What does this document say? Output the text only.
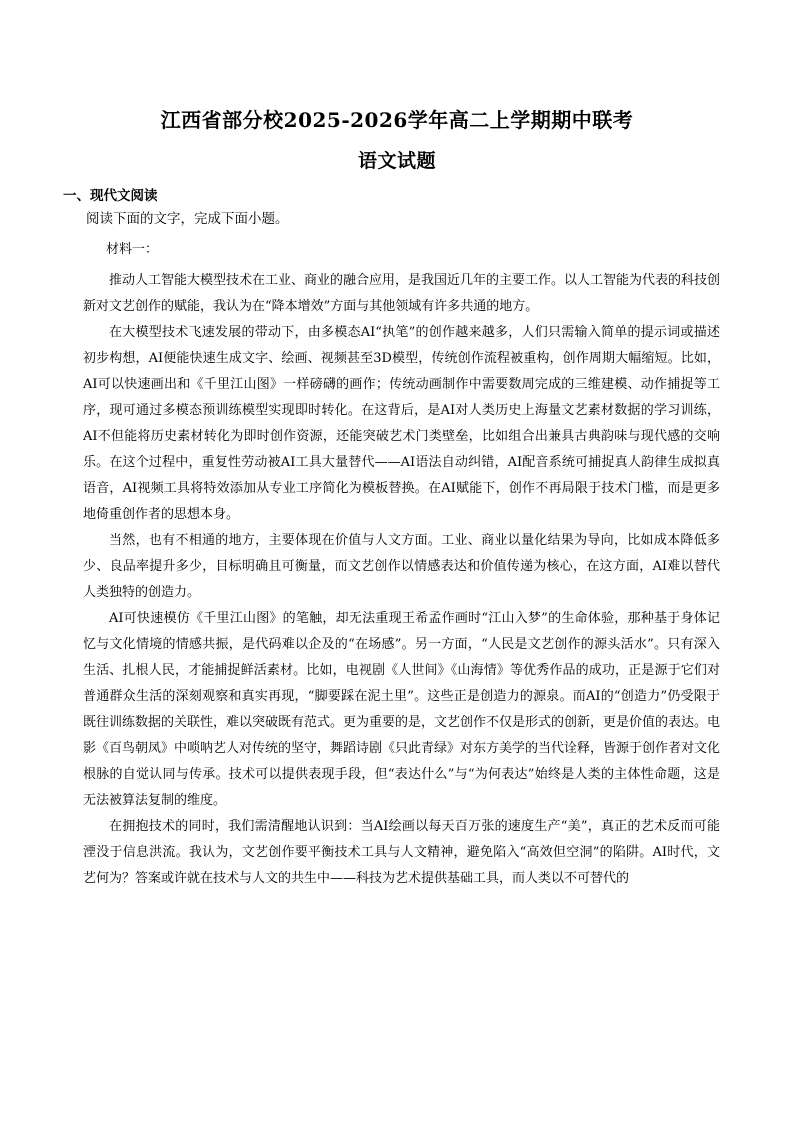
江西省部分校2025-2026学年高二上学期期中联考
语文试题
一、现代文阅读
阅读下面的文字，完成下面小题。
材料一：

推动人工智能大模型技术在工业、商业的融合应用，是我国近几年的主要工作。以人工智能为代表的科技创新对文艺创作的赋能，我认为在“降本增效”方面与其他领域有许多共通的地方。

在大模型技术飞速发展的带动下，由多模态AI“执笔”的创作越来越多，人们只需输入简单的提示词或描述初步构想，AI便能快速生成文字、绘画、视频甚至3D模型，传统创作流程被重构，创作周期大幅缩短。比如，AI可以快速画出和《千里江山图》一样磅礴的画作；传统动画制作中需要数周完成的三维建模、动作捕捉等工序，现可通过多模态预训练模型实现即时转化。在这背后，是AI对人类历史上海量文艺素材数据的学习训练，AI不但能将历史素材转化为即时创作资源，还能突破艺术门类壁垒，比如组合出兼具古典韵味与现代感的交响乐。在这个过程中，重复性劳动被AI工具大量替代——AI语法自动纠错，AI配音系统可捕捉真人韵律生成拟真语音，AI视频工具将特效添加从专业工序简化为模板替换。在AI赋能下，创作不再局限于技术门槛，而是更多地倚重创作者的思想本身。

当然，也有不相通的地方，主要体现在价值与人文方面。工业、商业以量化结果为导向，比如成本降低多少、良品率提升多少，目标明确且可衡量，而文艺创作以情感表达和价值传递为核心，在这方面，AI难以替代人类独特的创造力。

AI可快速模仿《千里江山图》的笔触，却无法重现王希孟作画时“江山入梦”的生命体验，那种基于身体记忆与文化情境的情感共振，是代码难以企及的“在场感”。另一方面，“人民是文艺创作的源头活水”。只有深入生活、扎根人民，才能捕捉鲜活素材。比如，电视剧《人世间》《山海情》等优秀作品的成功，正是源于它们对普通群众生活的深刻观察和真实再现，“脚要踩在泥土里”。这些正是创造力的源泉。而AI的“创造力”仍受限于既往训练数据的关联性，难以突破既有范式。更为重要的是，文艺创作不仅是形式的创新，更是价值的表达。电影《百鸟朝凤》中唢呐艺人对传统的坚守，舞蹈诗剧《只此青绿》对东方美学的当代诠释，皆源于创作者对文化根脉的自觉认同与传承。技术可以提供表现手段，但“表达什么”与“为何表达”始终是人类的主体性命题，这是无法被算法复制的维度。

在拥抱技术的同时，我们需清醒地认识到：当AI绘画以每天百万张的速度生产“美”，真正的艺术反而可能湮没于信息洪流。我认为，文艺创作要平衡技术工具与人文精神，避免陷入“高效但空洞”的陷阱。AI时代，文艺何为？答案或许就在技术与人文的共生中——科技为艺术提供基础工具，而人类以不可替代的
